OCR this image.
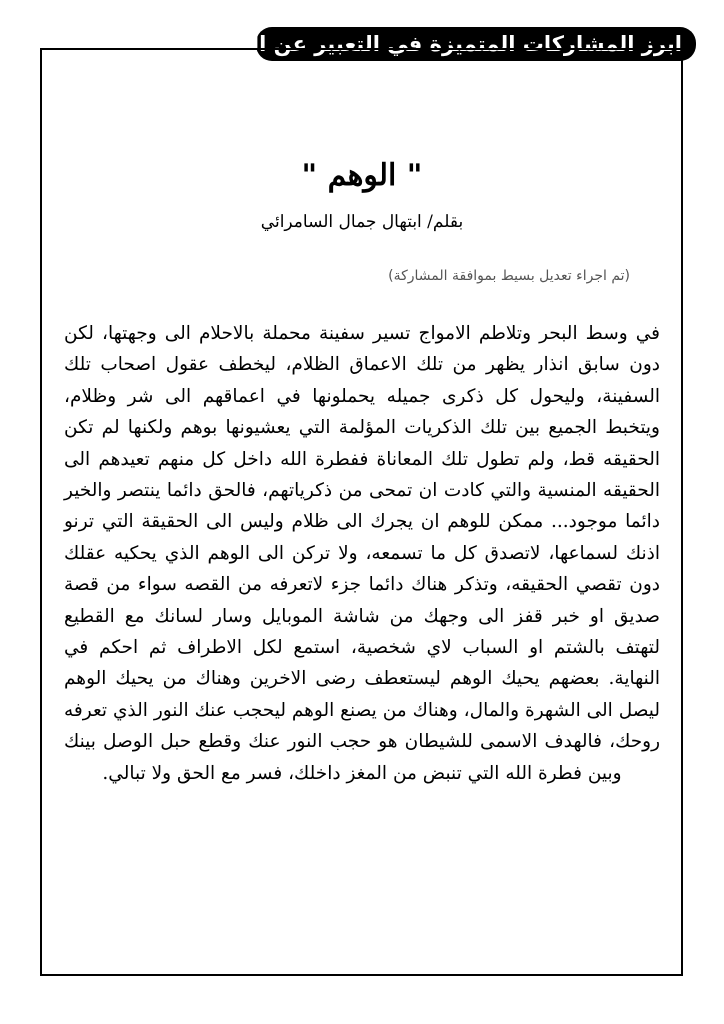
ابرز المشاركات المتميزة في التعبير عن القصة
" الوهم "
بقلم/ ابتهال جمال السامرائي
(تم اجراء تعديل بسيط بموافقة المشاركة)
في وسط البحر وتلاطم الامواج تسير سفينة محملة بالاحلام الى وجهتها، لكن دون سابق انذار يظهر من تلك الاعماق الظلام، ليخطف عقول اصحاب تلك السفينة، وليحول كل ذكرى جميله يحملونها في اعماقهم الى شر وظلام، ويتخبط الجميع بين تلك الذكريات المؤلمة التي يعشيونها بوهم ولكنها لم تكن الحقيقه قط، ولم تطول تلك المعاناة ففطرة الله داخل كل منهم تعيدهم الى الحقيقه المنسية والتي كادت ان تمحى من ذكرياتهم، فالحق دائما ينتصر والخير دائما موجود... ممكن للوهم ان يجرك الى ظلام وليس الى الحقيقة التي ترنو اذنك لسماعها، لاتصدق كل ما تسمعه، ولا تركن الى الوهم الذي يحكيه عقلك دون تقصي الحقيقه، وتذكر هناك دائما جزء لاتعرفه من القصه سواء من قصة صديق او خبر قفز الى وجهك من شاشة الموبايل وسار لسانك مع القطيع لتهتف بالشتم او السباب لاي شخصية، استمع لكل الاطراف ثم احكم في النهاية. بعضهم يحيك الوهم ليستعطف رضى الاخرين وهناك من يحيك الوهم ليصل الى الشهرة والمال، وهناك من يصنع الوهم ليحجب عنك النور الذي تعرفه روحك، فالهدف الاسمى للشيطان هو حجب النور عنك وقطع حبل الوصل بينك وبين فطرة الله التي تنبض من المغز داخلك، فسر مع الحق ولا تبالي.
